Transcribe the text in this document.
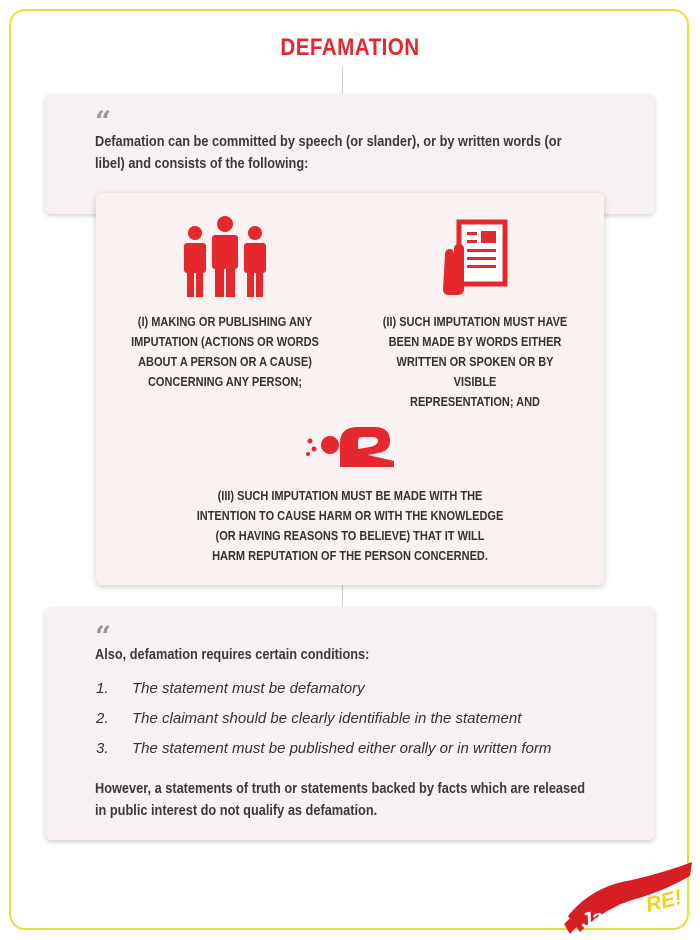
DEFAMATION
“
Defamation can be committed by speech (or slander), or by written words (or
libel) and consists of the following:
(I) MAKING OR PUBLISHING ANY
IMPUTATION (ACTIONS OR WORDS
ABOUT A PERSON OR A CAUSE)
CONCERNING ANY PERSON;
(II) SUCH IMPUTATION MUST HAVE
BEEN MADE BY WORDS EITHER
WRITTEN OR SPOKEN OR BY VISIBLE
REPRESENTATION; AND
(III) SUCH IMPUTATION MUST BE MADE WITH THE
INTENTION TO CAUSE HARM OR WITH THE KNOWLEDGE
(OR HAVING REASONS TO BELIEVE) THAT IT WILL
HARM REPUTATION OF THE PERSON CONCERNED.
“
Also, defamation requires certain conditions:
However, a statements of truth or statements backed by facts which are released
in public interest do not qualify as defamation.
1.	The statement must be defamatory
2.	The claimant should be clearly identifiable in the statement
3.	The statement must be published either orally or in written form
JaaGORE!
